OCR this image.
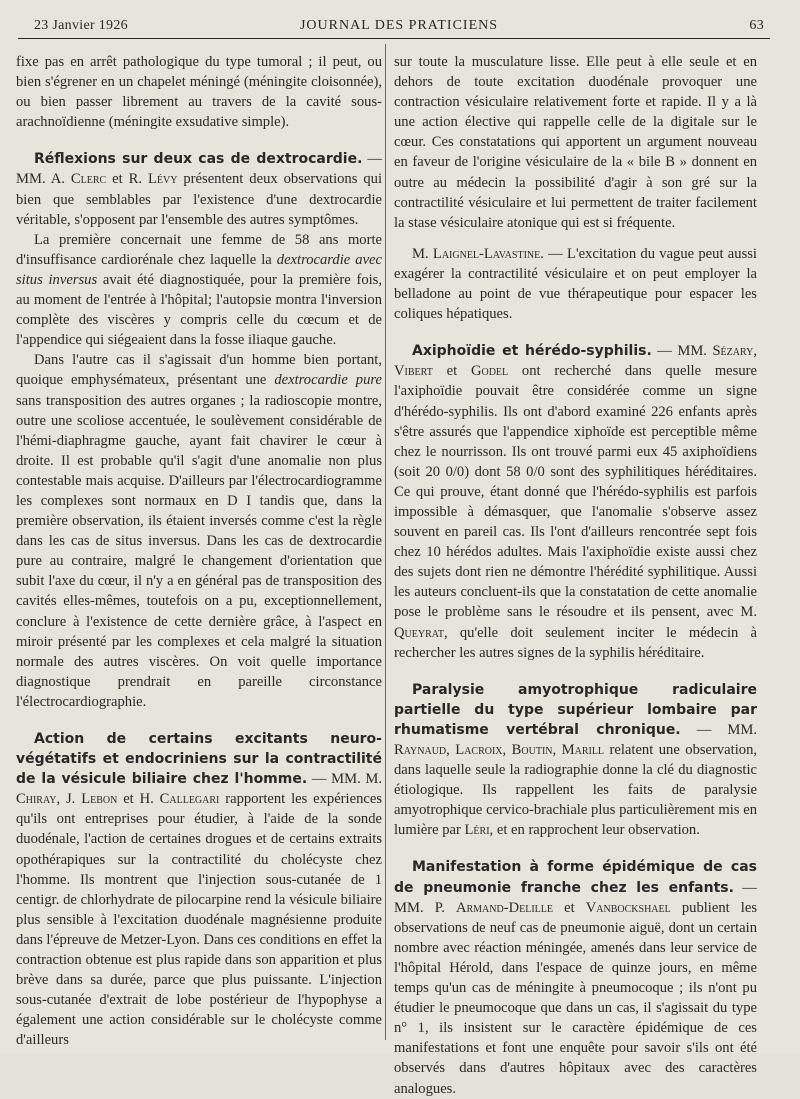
23 Janvier 1926	JOURNAL DES PRATICIENS	63

fixe pas en arrêt pathologique du type tumoral ; il peut, ou bien s'égrener en un chapelet méningé (méningite cloisonnée), ou bien passer librement au travers de la cavité sous-arachnoïdienne (méningite exsudative simple).

Réflexions sur deux cas de dextrocardie. — MM. A. Clerc et R. Lévy présentent deux observations qui bien que semblables par l'existence d'une dextrocardie véritable, s'opposent par l'ensemble des autres symptômes.

La première concernait une femme de 58 ans morte d'insuffisance cardiorénale chez laquelle la dextrocardie avec situs inversus avait été diagnostiquée, pour la première fois, au moment de l'entrée à l'hôpital; l'autopsie montra l'inversion complète des viscères y compris celle du cœcum et de l'appendice qui siégeaient dans la fosse iliaque gauche.

Dans l'autre cas il s'agissait d'un homme bien portant, quoique emphysémateux, présentant une dextrocardie pure sans transposition des autres organes ; la radioscopie montre, outre une scoliose accentuée, le soulèvement considérable de l'hémi-diaphragme gauche, ayant fait chavirer le cœur à droite. Il est probable qu'il s'agit d'une anomalie non plus contestable mais acquise. D'ailleurs par l'électrocardiogramme les complexes sont normaux en D I tandis que, dans la première observation, ils étaient inversés comme c'est la règle dans les cas de situs inversus. Dans les cas de dextrocardie pure au contraire, malgré le changement d'orientation que subit l'axe du cœur, il n'y a en général pas de transposition des cavités elles-mêmes, toutefois on a pu, exceptionnellement, conclure à l'existence de cette dernière grâce, à l'aspect en miroir présenté par les complexes et cela malgré la situation normale des autres viscères. On voit quelle importance diagnostique prendrait en pareille circonstance l'électrocardiographie.

Action de certains excitants neuro-végétatifs et endocriniens sur la contractilité de la vésicule biliaire chez l'homme. — MM. M. Chiray, J. Lebon et H. Callegari rapportent les expériences qu'ils ont entreprises pour étudier, à l'aide de la sonde duodénale, l'action de certaines drogues et de certains extraits opothérapiques sur la contractilité du cholécyste chez l'homme. Ils montrent que l'injection sous-cutanée de 1 centigr. de chlorhydrate de pilocarpine rend la vésicule biliaire plus sensible à l'excitation duodénale magnésienne produite dans l'épreuve de Metzer-Lyon. Dans ces conditions en effet la contraction obtenue est plus rapide dans son apparition et plus brève dans sa durée, parce que plus puissante. L'injection sous-cutanée d'extrait de lobe postérieur de l'hypophyse a également une action considérable sur le cholécyste comme d'ailleurs

sur toute la musculature lisse. Elle peut à elle seule et en dehors de toute excitation duodénale provoquer une contraction vésiculaire relativement forte et rapide. Il y a là une action élective qui rappelle celle de la digitale sur le cœur. Ces constatations qui apportent un argument nouveau en faveur de l'origine vésiculaire de la « bile B » donnent en outre au médecin la possibilité d'agir à son gré sur la contractilité vésiculaire et lui permettent de traiter facilement la stase vésiculaire atonique qui est si fréquente.

M. Laignel-Lavastine. — L'excitation du vague peut aussi exagérer la contractilité vésiculaire et on peut employer la belladone au point de vue thérapeutique pour espacer les coliques hépatiques.

Axiphoïdie et hérédo-syphilis. — MM. Sézary, Vibert et Godel ont recherché dans quelle mesure l'axiphoïdie pouvait être considérée comme un signe d'hérédo-syphilis. Ils ont d'abord examiné 226 enfants après s'être assurés que l'appendice xiphoïde est perceptible même chez le nourrisson. Ils ont trouvé parmi eux 45 axiphoïdiens (soit 20 0/0) dont 58 0/0 sont des syphilitiques héréditaires. Ce qui prouve, étant donné que l'hérédo-syphilis est parfois impossible à démasquer, que l'anomalie s'observe assez souvent en pareil cas. Ils l'ont d'ailleurs rencontrée sept fois chez 10 hérédos adultes. Mais l'axiphoïdie existe aussi chez des sujets dont rien ne démontre l'hérédité syphilitique. Aussi les auteurs concluent-ils que la constatation de cette anomalie pose le problème sans le résoudre et ils pensent, avec M. Queyrat, qu'elle doit seulement inciter le médecin à rechercher les autres signes de la syphilis héréditaire.

Paralysie amyotrophique radiculaire partielle du type supérieur lombaire par rhumatisme vertébral chronique. — MM. Raynaud, Lacroix, Boutin, Marill relatent une observation, dans laquelle seule la radiographie donne la clé du diagnostic étiologique. Ils rappellent les faits de paralysie amyotrophique cervico-brachiale plus particulièrement mis en lumière par Léri, et en rapprochent leur observation.

Manifestation à forme épidémique de cas de pneumonie franche chez les enfants. — MM. P. Armand-Delille et Vanbockshael publient les observations de neuf cas de pneumonie aiguë, dont un certain nombre avec réaction méningée, amenés dans leur service de l'hôpital Hérold, dans l'espace de quinze jours, en même temps qu'un cas de méningite à pneumocoque ; ils n'ont pu étudier le pneumocoque que dans un cas, il s'agissait du type n° 1, ils insistent sur le caractère épidémique de ces manifestations et font une enquête pour savoir s'ils ont été observés dans d'autres hôpitaux avec des caractères analogues.
